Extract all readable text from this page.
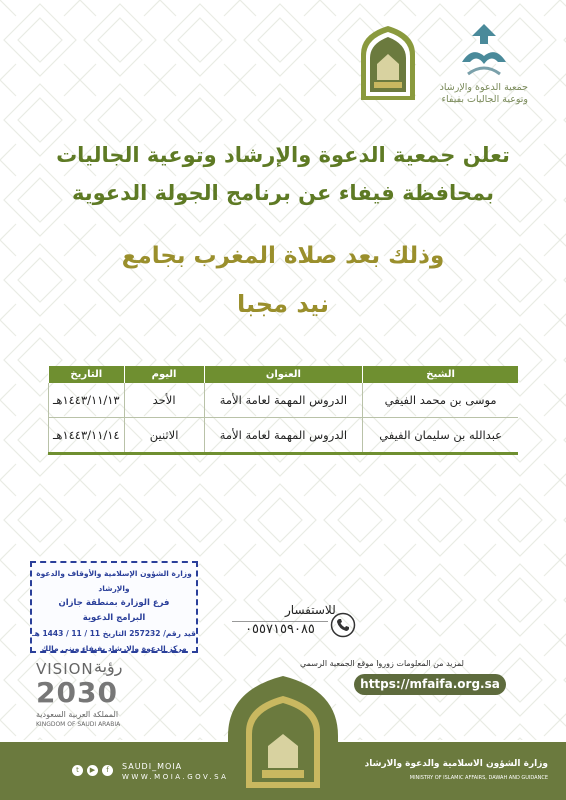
جمعية الدعوة والإرشاد
وتوعية الجاليات بفيفاء
تعلن جمعية الدعوة والإرشاد وتوعية الجاليات
بمحافظة فيفاء عن برنامج الجولة الدعوية
وذلك بعد صلاة المغرب بجامع
نيد مجبا
الشيخ	العنوان	اليوم	التاريخ
موسى بن محمد الفيفي	الدروس المهمة لعامة الأمة	الأحد	١٤٤٣/١١/١٣هـ
عبدالله بن سليمان الفيفي	الدروس المهمة لعامة الأمة	الاثنين	١٤٤٣/١١/١٤هـ
وزارة الشؤون الإسلامية والأوقاف والدعوة والإرشاد
فرع الوزارة بمنطقة جازان
البرامج الدعوية
قيد رقم/ 257232 التاريخ 11 / 11 / 1443 هـ
مركز الدعوة والإرشاد بفيفاء وبني مالك
للاستفسار
٠٥٥٧١٥٩٠٨٥
لمزيد من المعلومات زوروا موقع الجمعية الرسمي
https://mfaifa.org.sa
VISION رؤية
2030
المملكة العربية السعودية
KINGDOM OF SAUDI ARABIA
t	▶	f	SAUDI_MOIA
WWW.MOIA.GOV.SA
وزارة الشؤون الاسلامية والدعوة والارشاد
MINISTRY OF ISLAMIC AFFAIRS, DAWAH AND GUIDANCE
